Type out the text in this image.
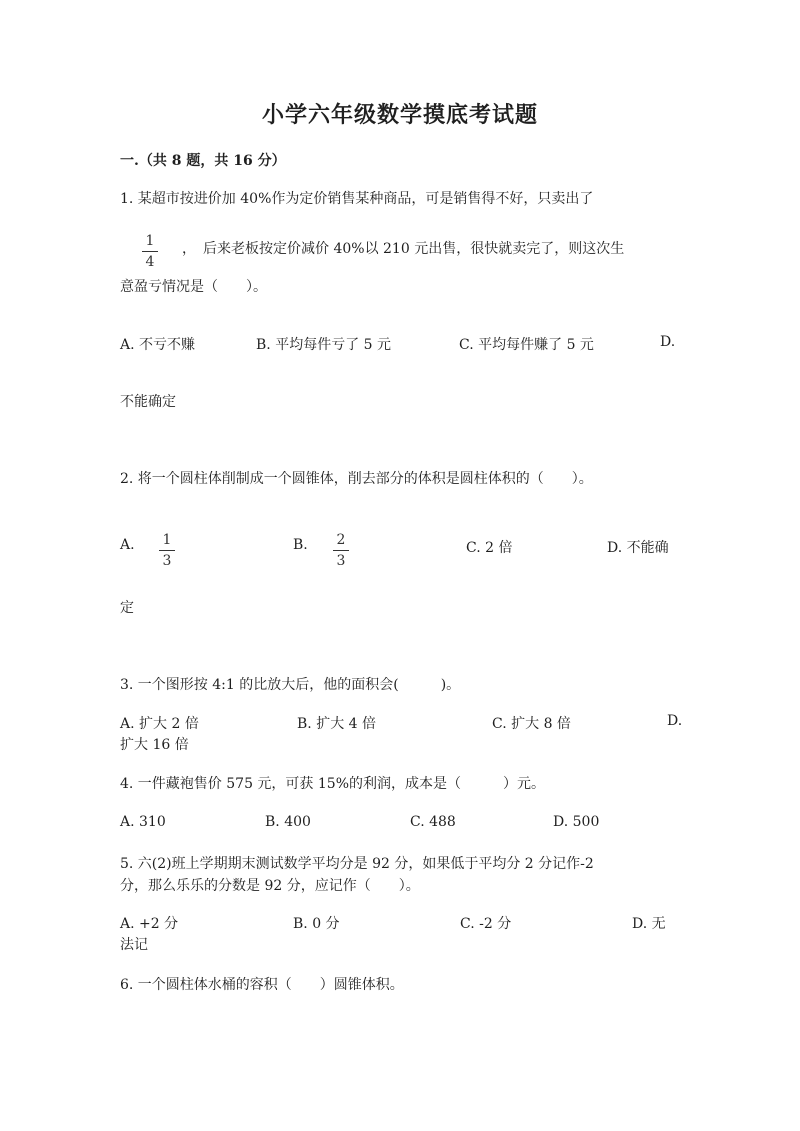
小学六年级数学摸底考试题
一.（共 8 题，共 16 分）
1. 某超市按进价加 40%作为定价销售某种商品，可是销售得不好，只卖出了
1
4
，　后来老板按定价减价 40%以 210 元出售，很快就卖完了，则这次生
意盈亏情况是（　　）。
A. 不亏不赚	B. 平均每件亏了 5 元	C. 平均每件赚了 5 元	D.
不能确定
2. 将一个圆柱体削制成一个圆锥体，削去部分的体积是圆柱体积的（　　）。
A.	1
3
B.	2
3
C. 2 倍	D. 不能确
定
3. 一个图形按 4:1 的比放大后，他的面积会(　　　)。
A. 扩大 2 倍	B. 扩大 4 倍	C. 扩大 8 倍	D.
扩大 16 倍
4. 一件藏袍售价 575 元，可获 15%的利润，成本是（　　　）元。
A. 310	B. 400	C. 488	D. 500
5. 六(2)班上学期期末测试数学平均分是 92 分，如果低于平均分 2 分记作-2
分，那么乐乐的分数是 92 分，应记作（　　）。
A. +2 分	B. 0 分	C. -2 分	D. 无
法记
6. 一个圆柱体水桶的容积（　　）圆锥体积。
